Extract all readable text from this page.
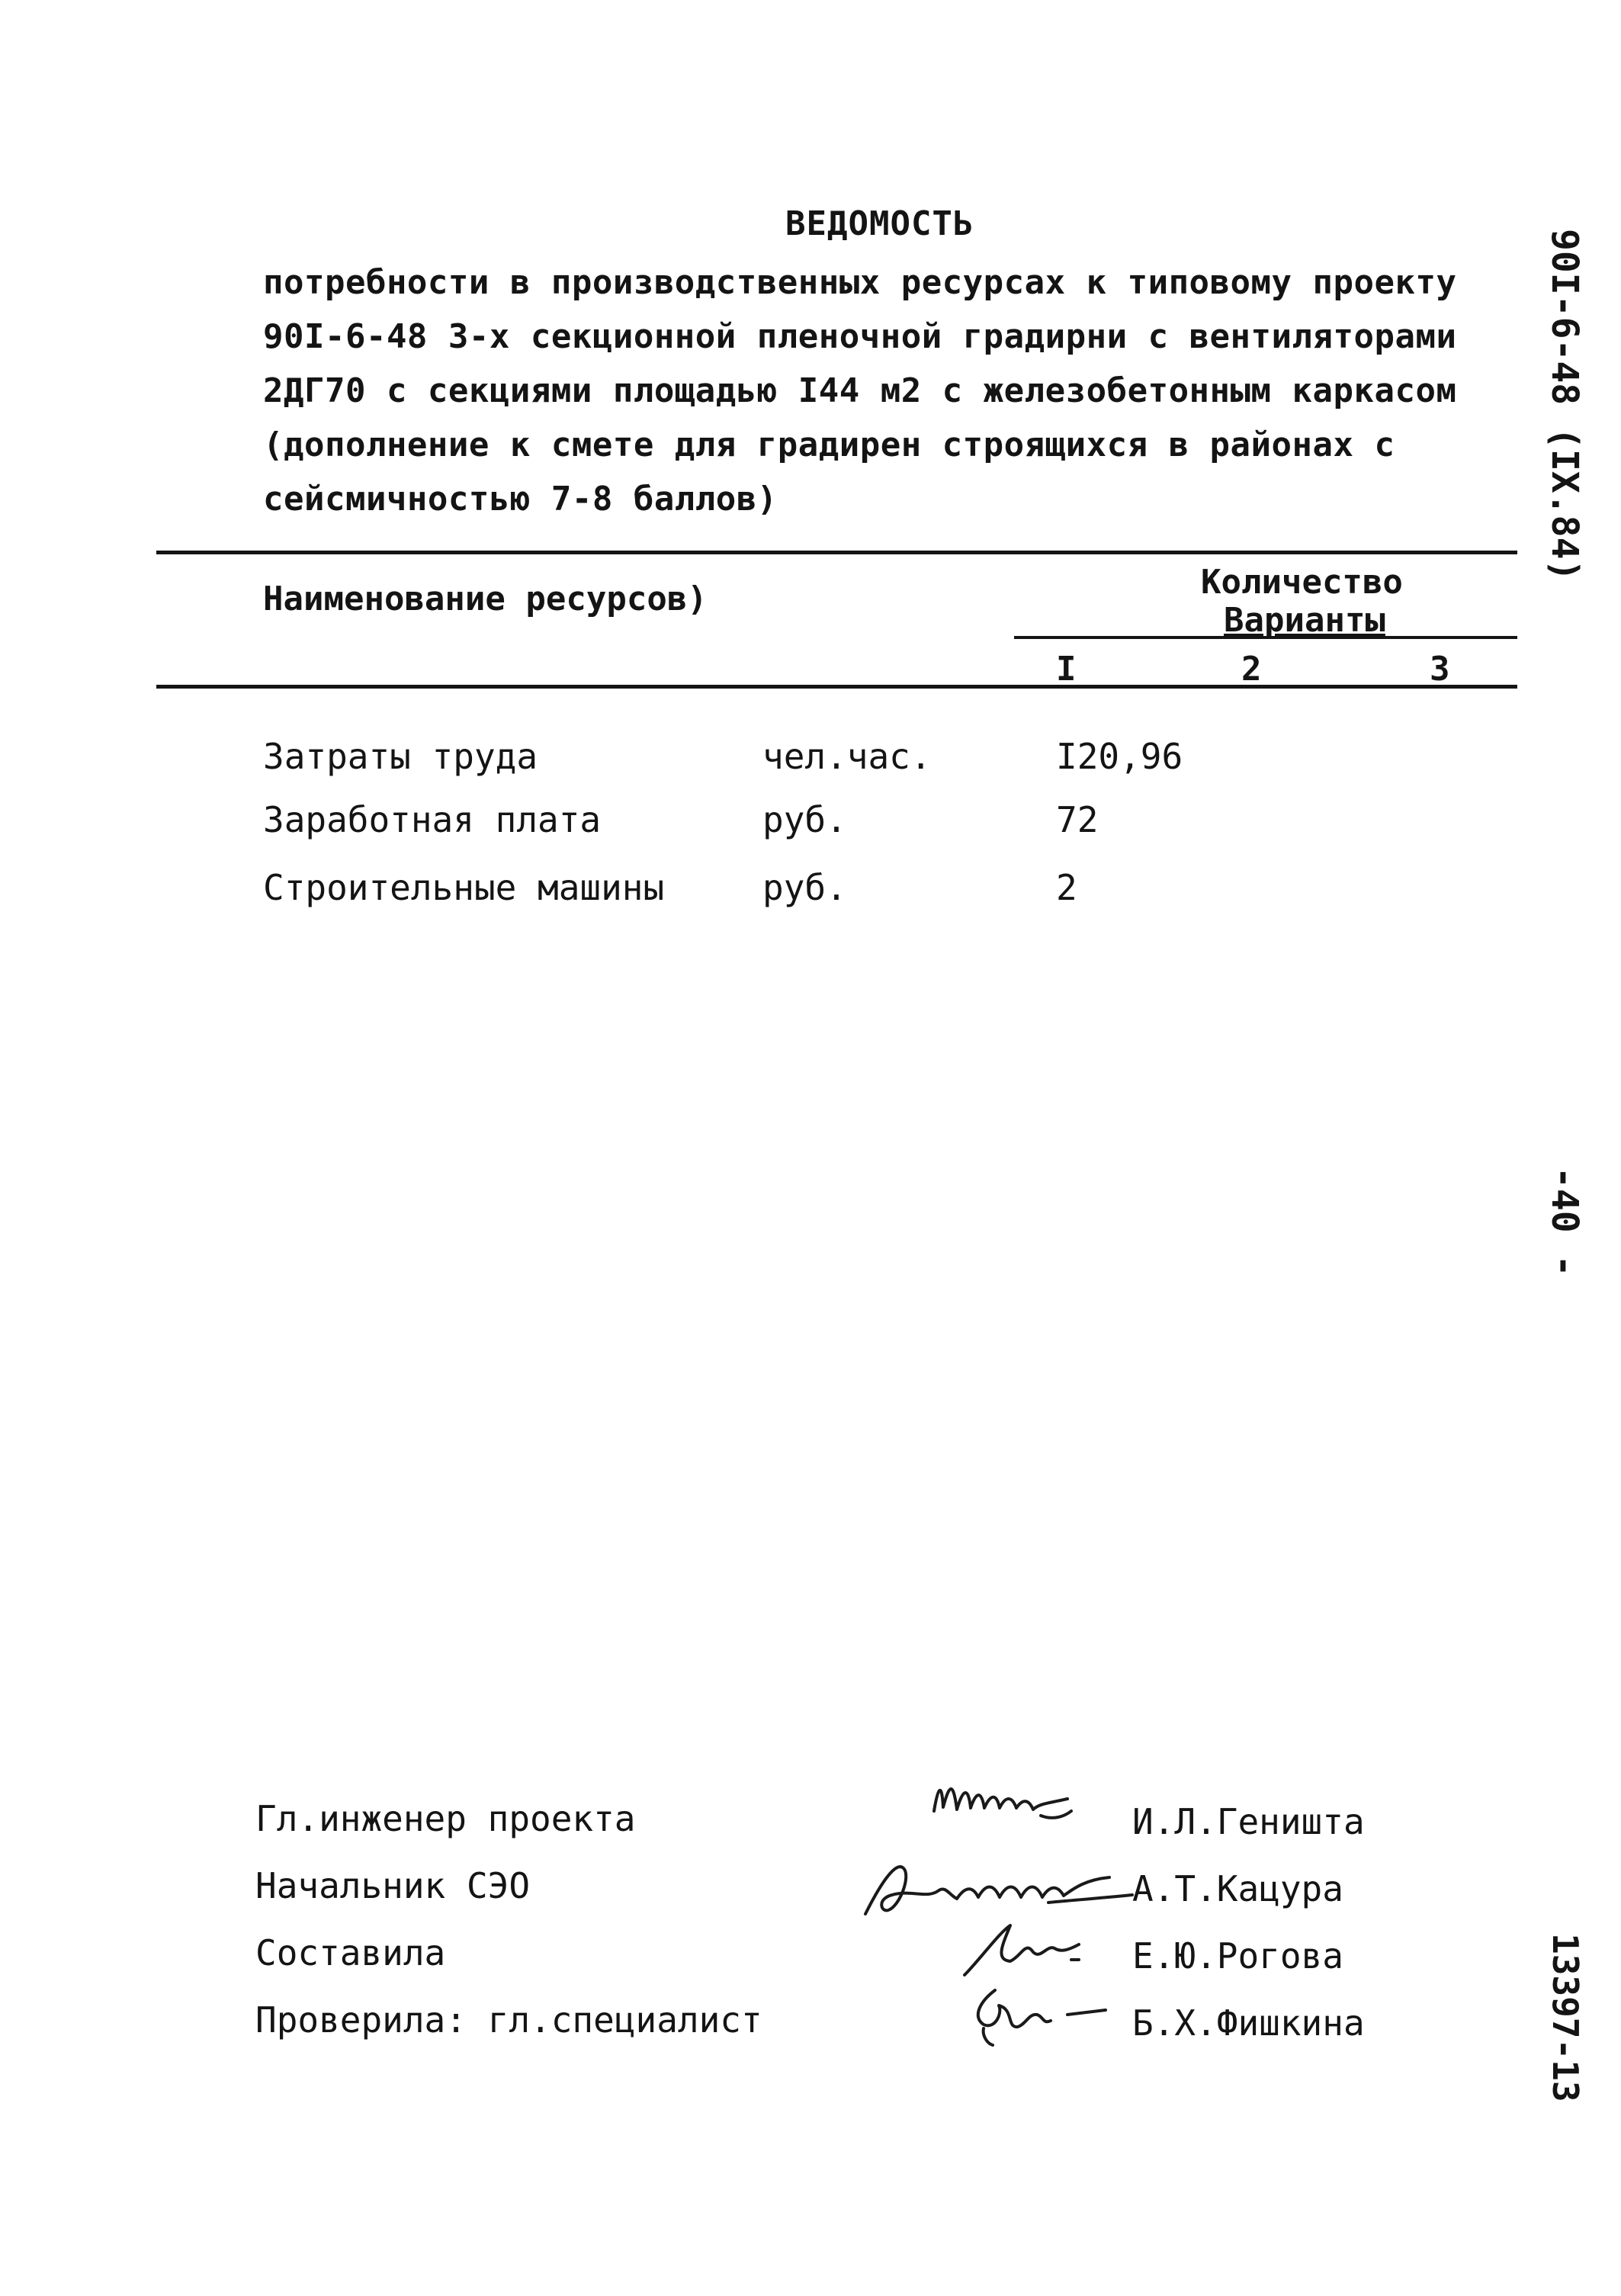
ВЕДОМОСТЬ
потребности в производственных ресурсах к типовому проекту
90I-6-48 3-х секционной пленочной градирни с вентиляторами
2ДГ70 с секциями площадью I44 м2 с железобетонным каркасом
(дополнение к смете для градирен строящихся в районах с
сейсмичностью 7-8 баллов)	90I-6-48 (IX.84)
-40 -
13397-13
Наименование ресурсов)	Количество
Варианты
I	2	3
Затраты труда	чел.час.	I20,96
Заработная плата	руб.	72
Строительные машины	руб.	2
Гл.инженер проекта	И.Л.Геништа
Начальник СЭО	А.Т.Кацура
Составила	Е.Ю.Рогова
Проверила: гл.специалист	Б.Х.Фишкина
